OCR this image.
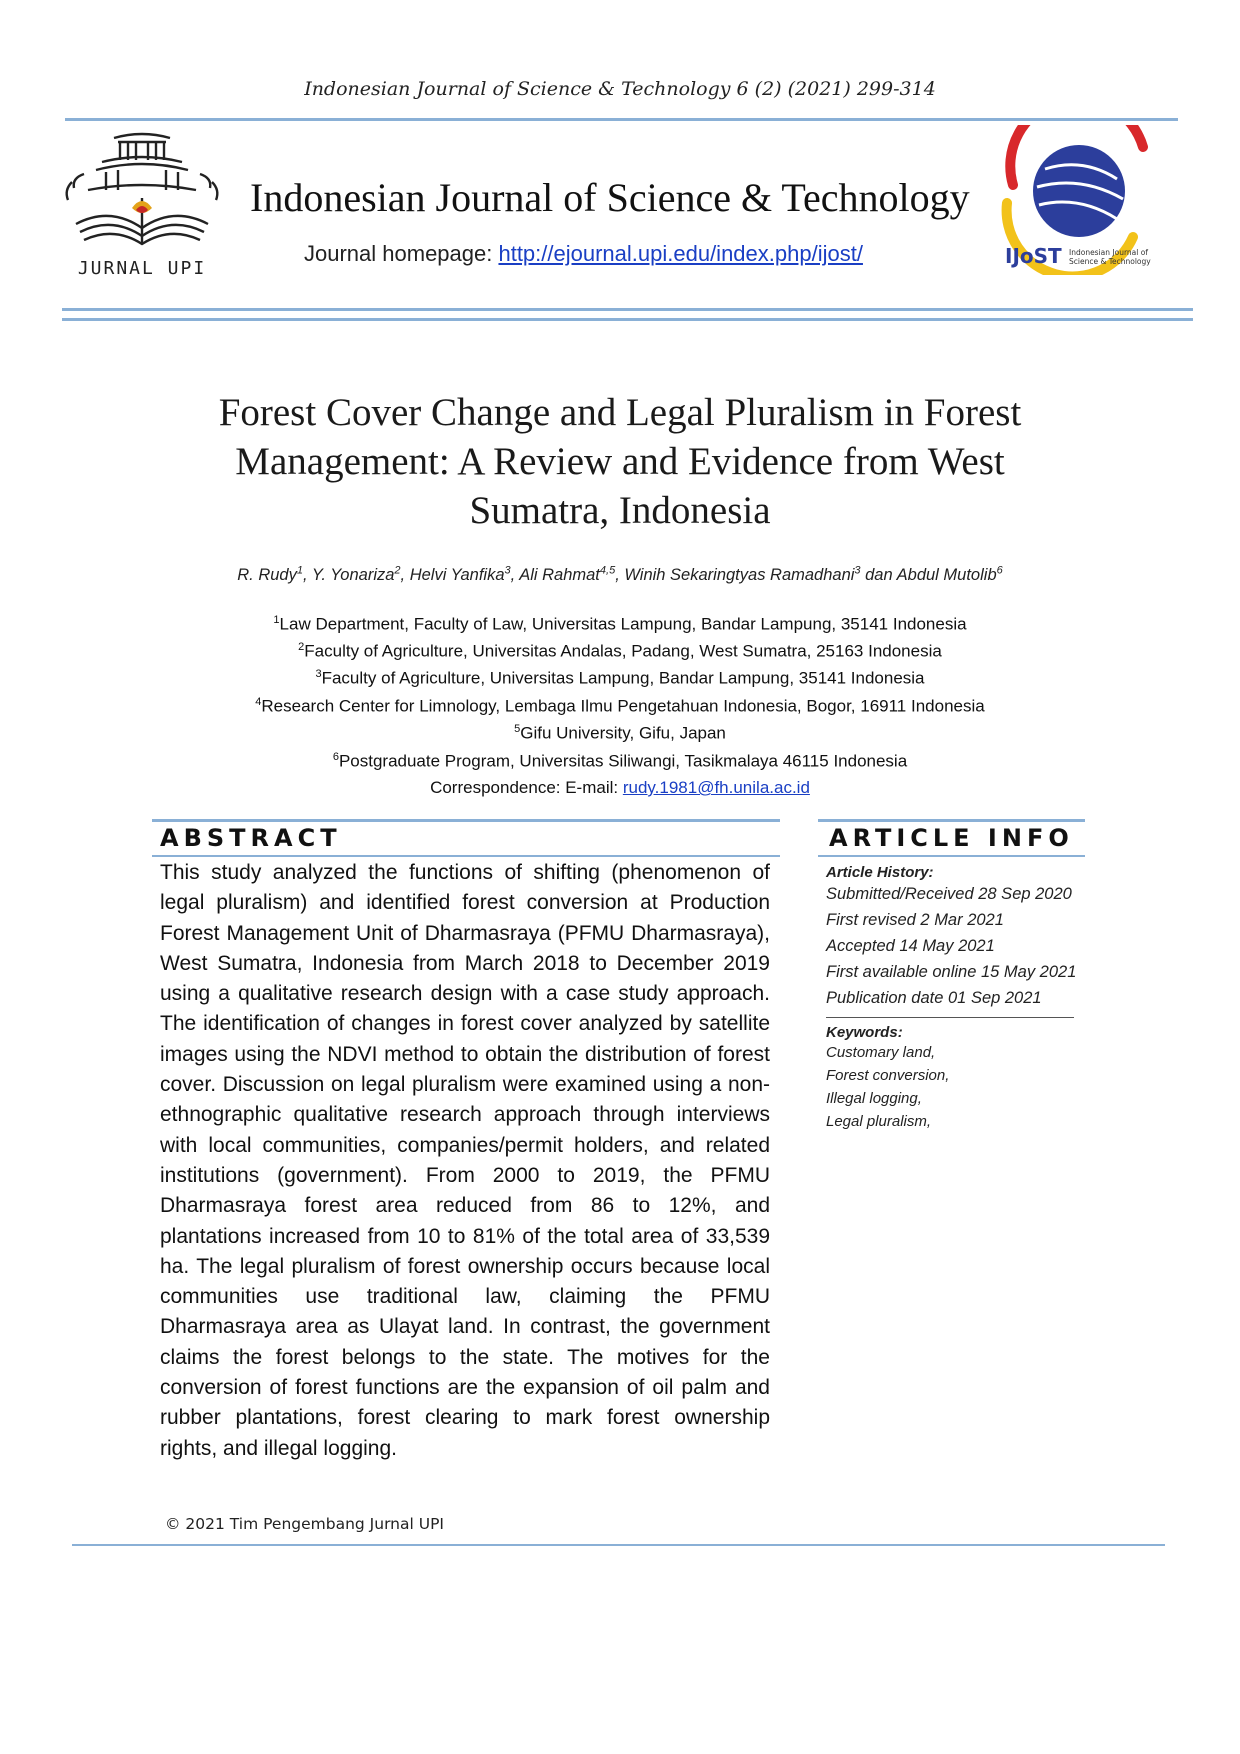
Indonesian Journal of Science & Technology 6 (2) (2021) 299-314
JURNAL UPI
Indonesian Journal of Science & Technology
Journal homepage: http://ejournal.upi.edu/index.php/ijost/	IJoST Indonesian Journal of
Science & Technology
Forest Cover Change and Legal Pluralism in Forest
Management: A Review and Evidence from West
Sumatra, Indonesia
R. Rudy$^1$, Y. Yonariza$^2$, Helvi Yanfika$^3$, Ali Rahmat$^{4,5}$, Winih Sekaringtyas Ramadhani$^3$ dan Abdul Mutolib$^6$
$^1$Law Department, Faculty of Law, Universitas Lampung, Bandar Lampung, 35141 Indonesia
$^2$Faculty of Agriculture, Universitas Andalas, Padang, West Sumatra, 25163 Indonesia
$^3$Faculty of Agriculture, Universitas Lampung, Bandar Lampung, 35141 Indonesia
$^4$Research Center for Limnology, Lembaga Ilmu Pengetahuan Indonesia, Bogor, 16911 Indonesia
$^5$Gifu University, Gifu, Japan
$^6$Postgraduate Program, Universitas Siliwangi, Tasikmalaya 46115 Indonesia
Correspondence: E-mail: rudy.1981@fh.unila.ac.id
ABSTRACT
This study analyzed the functions of shifting (phenomenon of legal pluralism) and identified forest conversion at Production Forest Management Unit of Dharmasraya (PFMU Dharmasraya), West Sumatra, Indonesia from March 2018 to December 2019 using a qualitative research design with a case study approach. The identification of changes in forest cover analyzed by satellite images using the NDVI method to obtain the distribution of forest cover. Discussion on legal pluralism were examined using a non-ethnographic qualitative research approach through interviews with local communities, companies/permit holders, and related institutions (government). From 2000 to 2019, the PFMU Dharmasraya forest area reduced from 86 to 12%, and plantations increased from 10 to 81% of the total area of 33,539 ha. The legal pluralism of forest ownership occurs because local communities use traditional law, claiming the PFMU Dharmasraya area as Ulayat land. In contrast, the government claims the forest belongs to the state. The motives for the conversion of forest functions are the expansion of oil palm and rubber plantations, forest clearing to mark forest ownership rights, and illegal logging.
ARTICLE INFO
Article History:
Submitted/Received 28 Sep 2020
First revised 2 Mar 2021
Accepted 14 May 2021
First available online 15 May 2021
Publication date 01 Sep 2021
Keywords:
Customary land,
Forest conversion,
Illegal logging,
Legal pluralism,
© 2021 Tim Pengembang Jurnal UPI
